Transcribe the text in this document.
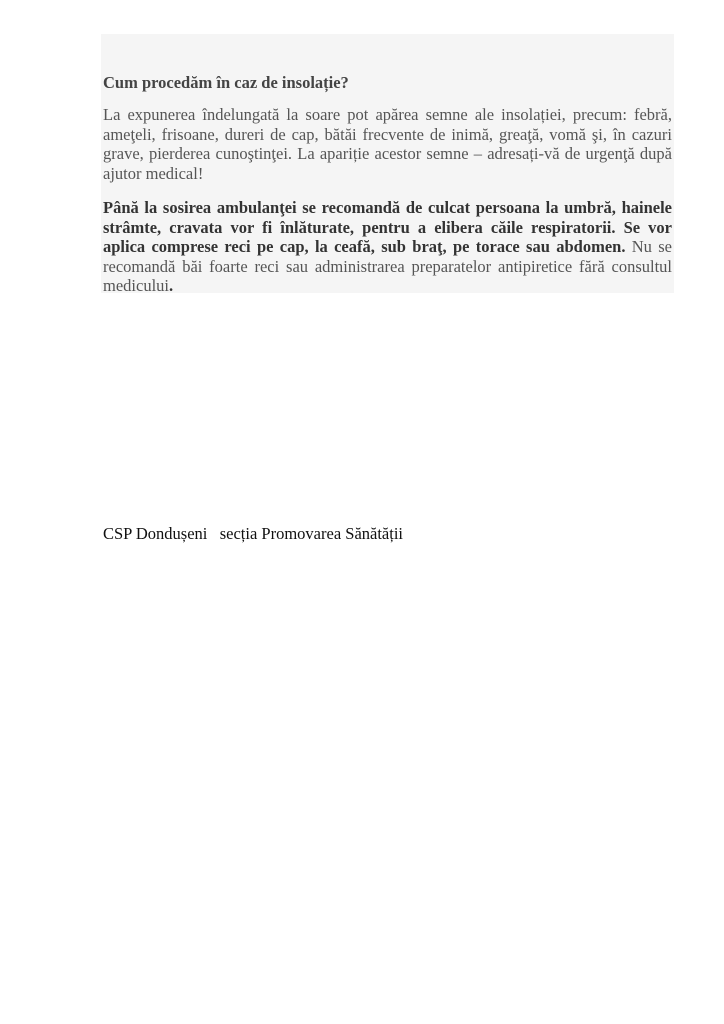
Cum procedăm în caz de insolație?

La expunerea îndelungată la soare pot apărea semne ale insolației, precum: febră, ameţeli, frisoane, dureri de cap, bătăi frecvente de inimă, greaţă, vomă şi, în cazuri grave, pierderea cunoştinţei. La apariție acestor semne – adresați-vă de urgenţă după ajutor medical!

Până la sosirea ambulanţei se recomandă de culcat persoana la umbră, hainele strâmte, cravata vor fi înlăturate, pentru a elibera căile respiratorii. Se vor aplica comprese reci pe cap, la ceafă, sub braţ, pe torace sau abdomen. Nu se recomandă băi foarte reci sau administrarea preparatelor antipiretice fără consultul medicului.

CSP Dondușeni   secția Promovarea Sănătății
